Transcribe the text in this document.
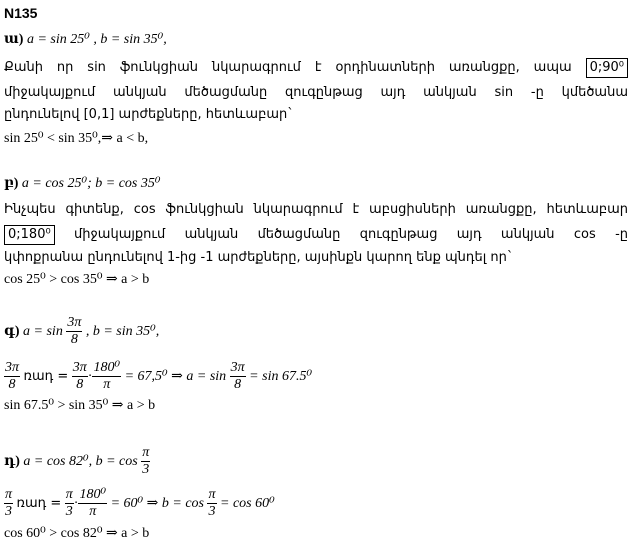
N135
ա) a = sin 25⁰ , b = sin 35⁰,
Քանի որ sin ֆունկցիան նկարագրում է օրդինատների առանցքը, ապա 0;90⁰
միջակայքում անկյան մեծացմանը զուգընթաց այդ անկյան sin -ը կմեծանա
ընդունելով [0,1] արժեքները, հետևաբար`
sin 25⁰ < sin 35⁰,⇒ a < b,
բ) a = cos 25⁰; b = cos 35⁰
Ինչպես գիտենք, cos ֆունկցիան նկարագրում է աբսցիսների առանցքը, հետևաբար
0;180⁰ միջակայքում անկյան մեծացմանը զուգընթաց այդ անկյան cos -ը
կփոքրանա ընդունելով 1-ից -1 արժեքները, այսինքն կարող ենք պնդել որ`
cos 25⁰ > cos 35⁰ ⇒ a > b
գ) $a = \sin \frac{3\pi}{8}$ , b = sin 35⁰,
$\frac{3\pi}{8}$ ռադ = $\frac{3\pi}{8} \cdot \frac{\text{180⁰}}{\pi} = 67,5^0$ ⇒ $a = \sin \frac{3\pi}{8} = \sin 67.5^0$
sin 67.5⁰ > sin 35⁰ ⇒ a > b
դ) a = cos 82⁰, $b = \cos \frac{\pi}{3}$
$\frac{\pi}{3}$ ռադ = $\frac{\pi}{3} \cdot \frac{\text{180⁰}}{\pi} = 60^0$ ⇒ $b = \cos \frac{\pi}{3} = \cos 60^0$
cos 60⁰ > cos 82⁰ ⇒ a > b
